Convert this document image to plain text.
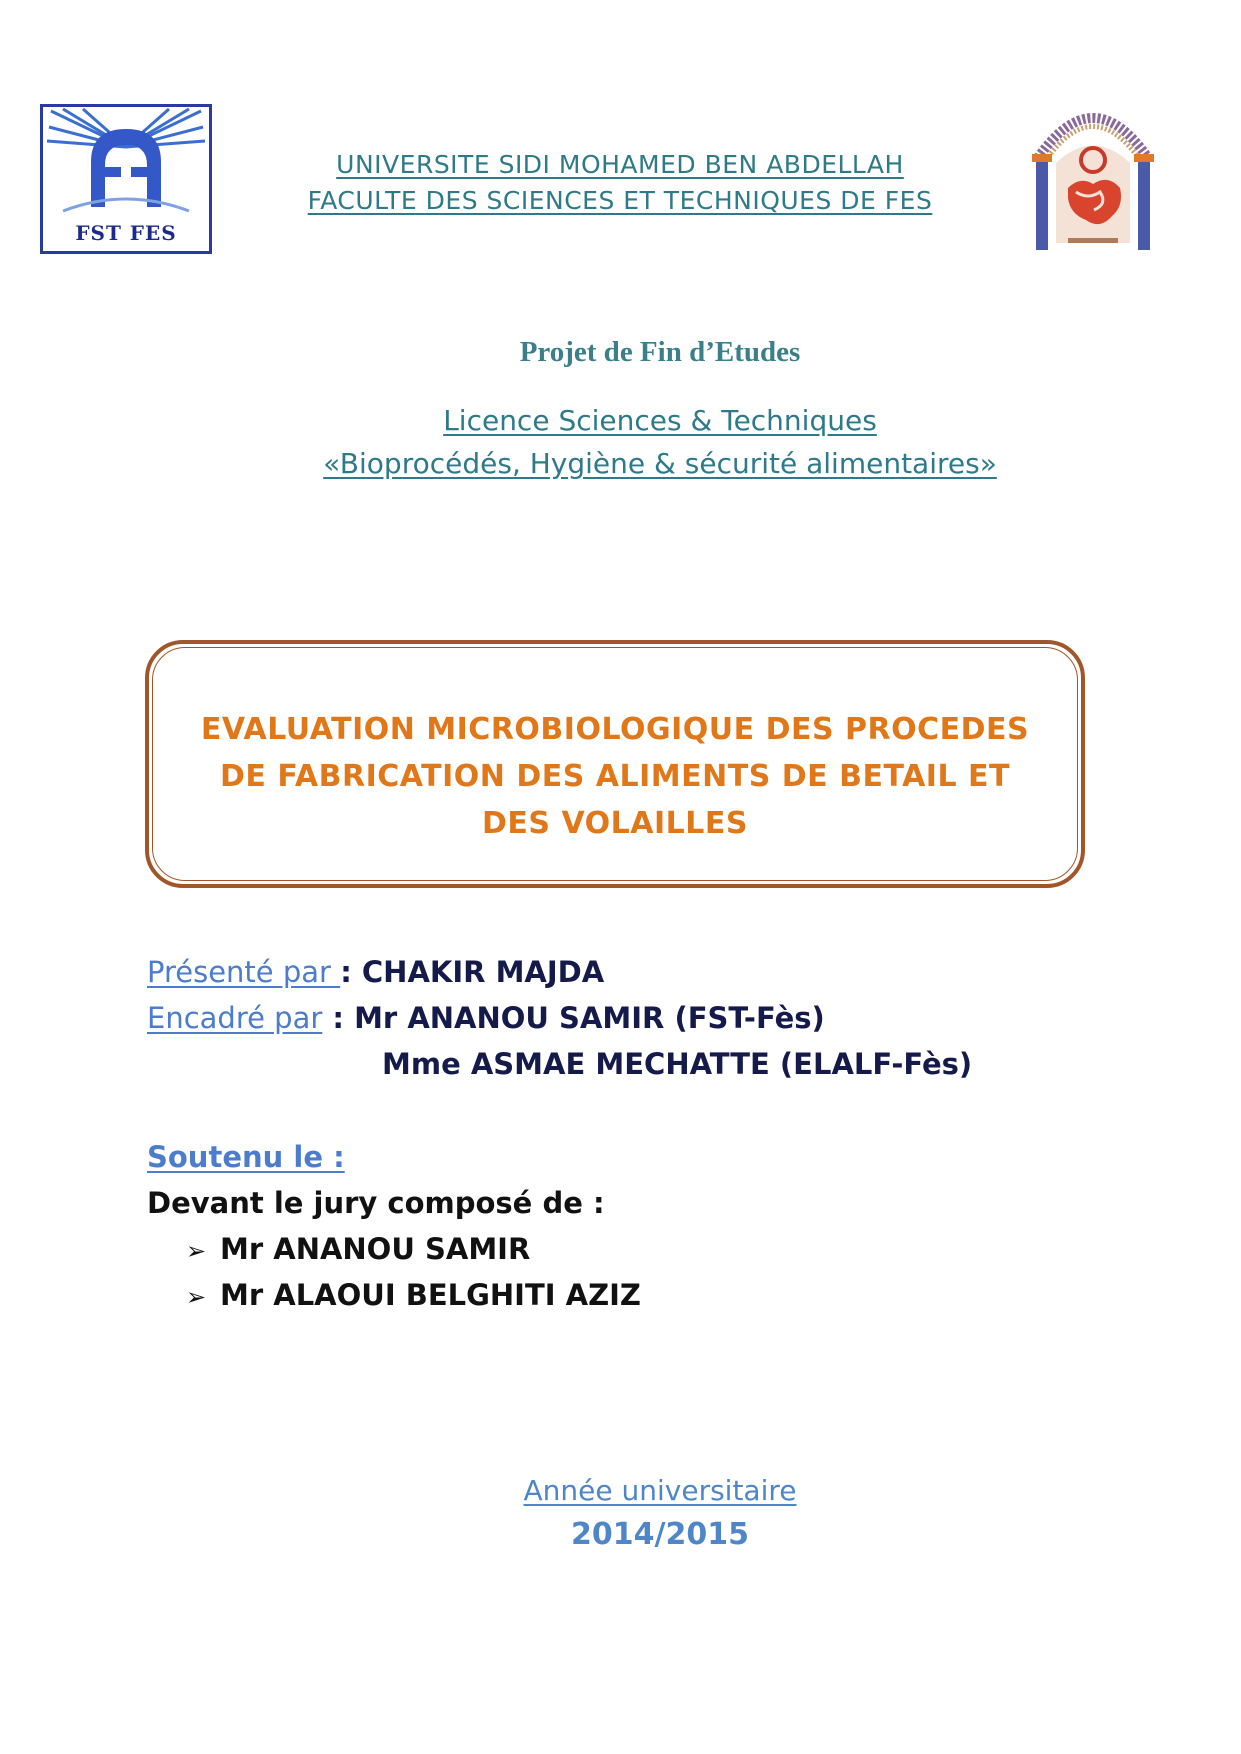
FST FES
UNIVERSITE SIDI MOHAMED BEN ABDELLAH
FACULTE DES SCIENCES ET TECHNIQUES DE FES
Projet de Fin d’Etudes
Licence Sciences & Techniques
«Bioprocédés, Hygiène & sécurité alimentaires»
EVALUATION MICROBIOLOGIQUE DES PROCEDES
DE FABRICATION DES ALIMENTS DE BETAIL ET
DES VOLAILLES
Présenté par : CHAKIR MAJDA
Encadré par : Mr ANANOU SAMIR (FST-Fès)
Mme ASMAE MECHATTE (ELALF-Fès)
Soutenu le :
Devant le jury composé de :
➢ Mr ANANOU SAMIR
➢ Mr ALAOUI BELGHITI AZIZ
Année universitaire
2014/2015
